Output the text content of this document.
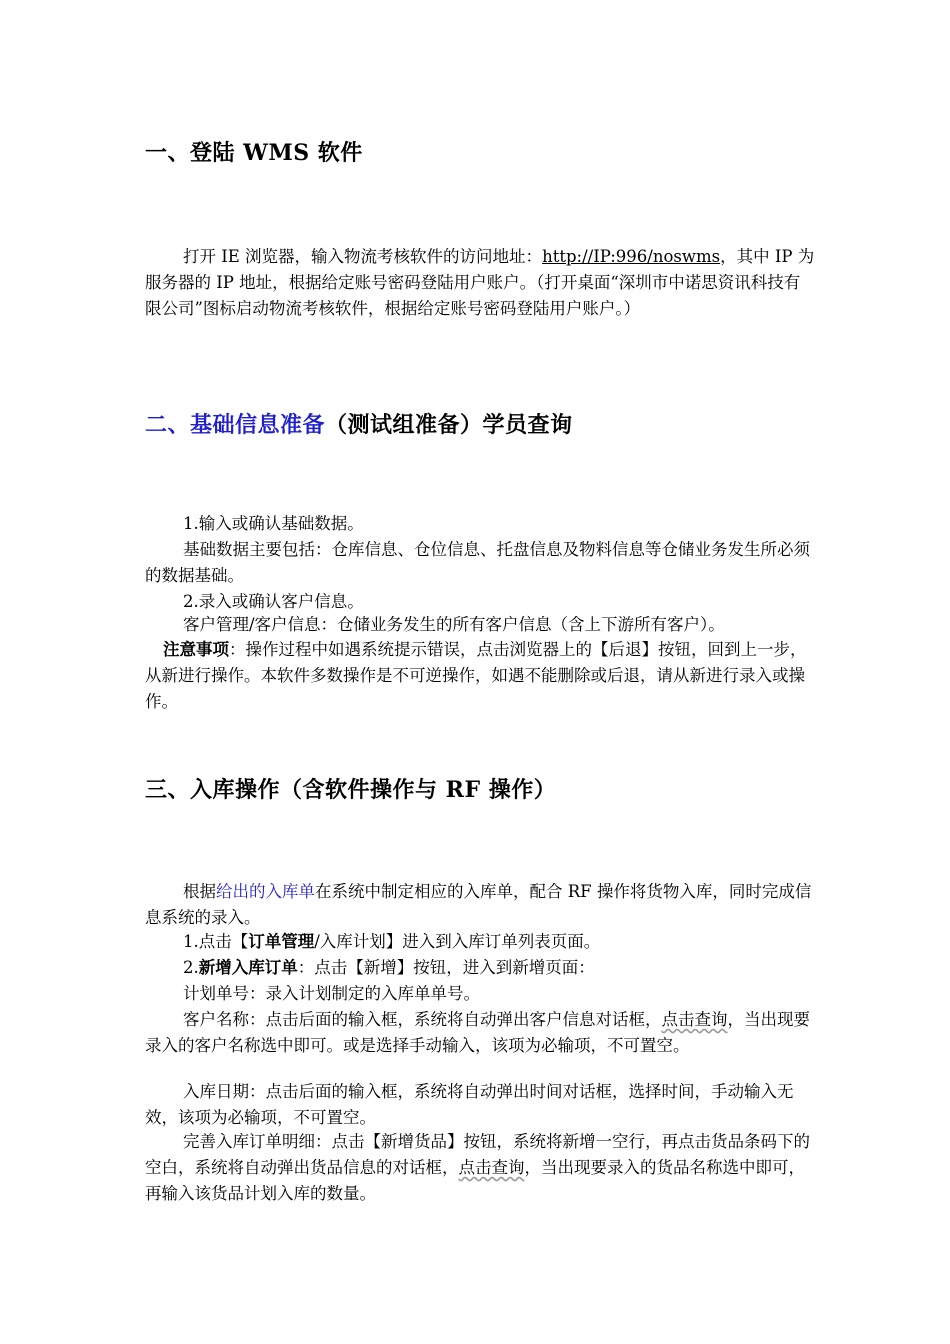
一、登陆 WMS 软件

打开 IE 浏览器，输入物流考核软件的访问地址：http://IP:996/noswms，其中 IP 为服务器的 IP 地址，根据给定账号密码登陆用户账户。（打开桌面“深圳市中诺思资讯科技有限公司”图标启动物流考核软件，根据给定账号密码登陆用户账户。）

二、基础信息准备（测试组准备）学员查询

1.输入或确认基础数据。

基础数据主要包括：仓库信息、仓位信息、托盘信息及物料信息等仓储业务发生所必须的数据基础。

2.录入或确认客户信息。

客户管理/客户信息：仓储业务发生的所有客户信息（含上下游所有客户）。

注意事项：操作过程中如遇系统提示错误，点击浏览器上的【后退】按钮，回到上一步，从新进行操作。本软件多数操作是不可逆操作，如遇不能删除或后退，请从新进行录入或操作。

三、入库操作（含软件操作与 RF 操作）

根据给出的入库单在系统中制定相应的入库单，配合 RF 操作将货物入库，同时完成信息系统的录入。

1.点击【订单管理/入库计划】进入到入库订单列表页面。

2.新增入库订单：点击【新增】按钮，进入到新增页面：

计划单号：录入计划制定的入库单单号。

客户名称：点击后面的输入框，系统将自动弹出客户信息对话框，点击查询，当出现要录入的客户名称选中即可。或是选择手动输入，该项为必输项，不可置空。

入库日期：点击后面的输入框，系统将自动弹出时间对话框，选择时间，手动输入无效，该项为必输项，不可置空。

完善入库订单明细：点击【新增货品】按钮，系统将新增一空行，再点击货品条码下的空白，系统将自动弹出货品信息的对话框，点击查询，当出现要录入的货品名称选中即可，再输入该货品计划入库的数量。
